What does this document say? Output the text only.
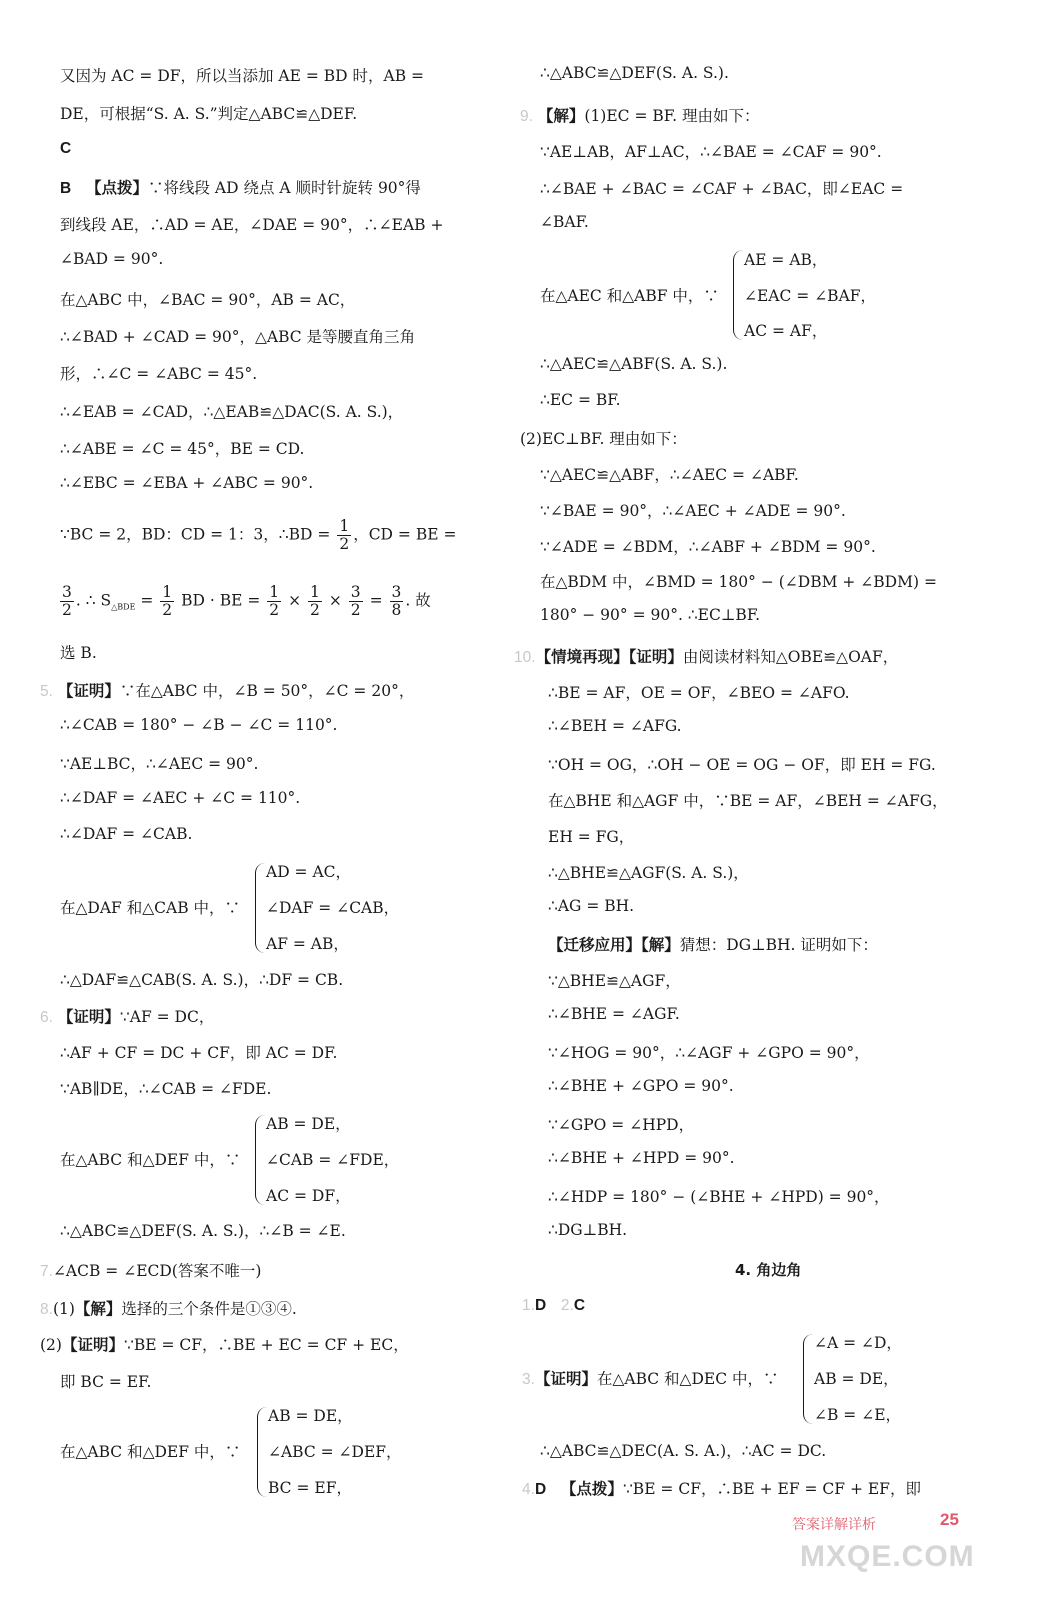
又因为 AC = DF，所以当添加 AE = BD 时，AB =
DE，可根据“S. A. S.”判定△ABC≌△DEF.
C
B 【点拨】∵将线段 AD 绕点 A 顺时针旋转 90°得
到线段 AE，∴AD = AE，∠DAE = 90°，∴∠EAB +
∠BAD = 90°.
在△ABC 中，∠BAC = 90°，AB = AC，
∴∠BAD + ∠CAD = 90°，△ABC 是等腰直角三角
形，∴∠C = ∠ABC = 45°.
∴∠EAB = ∠CAD，∴△EAB≌△DAC(S. A. S.)，
∴∠ABE = ∠C = 45°，BE = CD.
∴∠EBC = ∠EBA + ∠ABC = 90°.
∵BC = 2，BD：CD = 1：3，∴BD = $\frac{1}{2}$ ，CD = BE =
$\frac{3}{2}$ . ∴ $S_{\triangle BDE} = \frac{1}{2}$ BD · BE = $\frac{1}{2} \times \frac{1}{2} \times \frac{3}{2} = \frac{3}{8}$ . 故
选 B.
5. 【证明】∵在△ABC 中，∠B = 50°，∠C = 20°，
∴∠CAB = 180° − ∠B − ∠C = 110°.
∵AE⊥BC，∴∠AEC = 90°.
∴∠DAF = ∠AEC + ∠C = 110°.
∴∠DAF = ∠CAB.
在△DAF 和△CAB 中，∵
AD = AC，
∠DAF = ∠CAB，
AF = AB，
∴△DAF≌△CAB(S. A. S.)，∴DF = CB.
6. 【证明】∵AF = DC，
∴AF + CF = DC + CF，即 AC = DF.
∵AB∥DE，∴∠CAB = ∠FDE.
在△ABC 和△DEF 中，∵
AB = DE，
∠CAB = ∠FDE，
AC = DF，
∴△ABC≌△DEF(S. A. S.)，∴∠B = ∠E.
7.∠ACB = ∠ECD(答案不唯一)
8.(1)【解】选择的三个条件是①③④.
(2)【证明】∵BE = CF，∴BE + EC = CF + EC，
即 BC = EF.
在△ABC 和△DEF 中，∵
AB = DE，
∠ABC = ∠DEF，
BC = EF，
∴△ABC≌△DEF(S. A. S.).
9. 【解】(1)EC = BF. 理由如下：
∵AE⊥AB，AF⊥AC，∴∠BAE = ∠CAF = 90°.
∴∠BAE + ∠BAC = ∠CAF + ∠BAC，即∠EAC =
∠BAF.
在△AEC 和△ABF 中，∵
AE = AB，
∠EAC = ∠BAF，
AC = AF，
∴△AEC≌△ABF(S. A. S.).
∴EC = BF.
(2)EC⊥BF. 理由如下：
∵△AEC≌△ABF，∴∠AEC = ∠ABF.
∵∠BAE = 90°，∴∠AEC + ∠ADE = 90°.
∵∠ADE = ∠BDM，∴∠ABF + ∠BDM = 90°.
在△BDM 中，∠BMD = 180° − (∠DBM + ∠BDM) =
180° − 90° = 90°. ∴EC⊥BF.
10.【情境再现】【证明】由阅读材料知△OBE≌△OAF，
∴BE = AF，OE = OF，∠BEO = ∠AFO.
∴∠BEH = ∠AFG.
∵OH = OG，∴OH − OE = OG − OF，即 EH = FG.
在△BHE 和△AGF 中，∵BE = AF，∠BEH = ∠AFG，
EH = FG，
∴△BHE≌△AGF(S. A. S.)，
∴AG = BH.
【迁移应用】【解】猜想：DG⊥BH. 证明如下：
∵△BHE≌△AGF，
∴∠BHE = ∠AGF.
∵∠HOG = 90°，∴∠AGF + ∠GPO = 90°，
∴∠BHE + ∠GPO = 90°.
∵∠GPO = ∠HPD，
∴∠BHE + ∠HPD = 90°.
∴∠HDP = 180° − (∠BHE + ∠HPD) = 90°，
∴DG⊥BH.
4. 角边角
1.D 2.C
∠A = ∠D，
AB = DE，
∠B = ∠E，
3.【证明】在△ABC 和△DEC 中，∵
∴△ABC≌△DEC(A. S. A.)，∴AC = DC.
4.D 【点拨】∵BE = CF，∴BE + EF = CF + EF，即
MXQE.COM
答案详解详析	25
